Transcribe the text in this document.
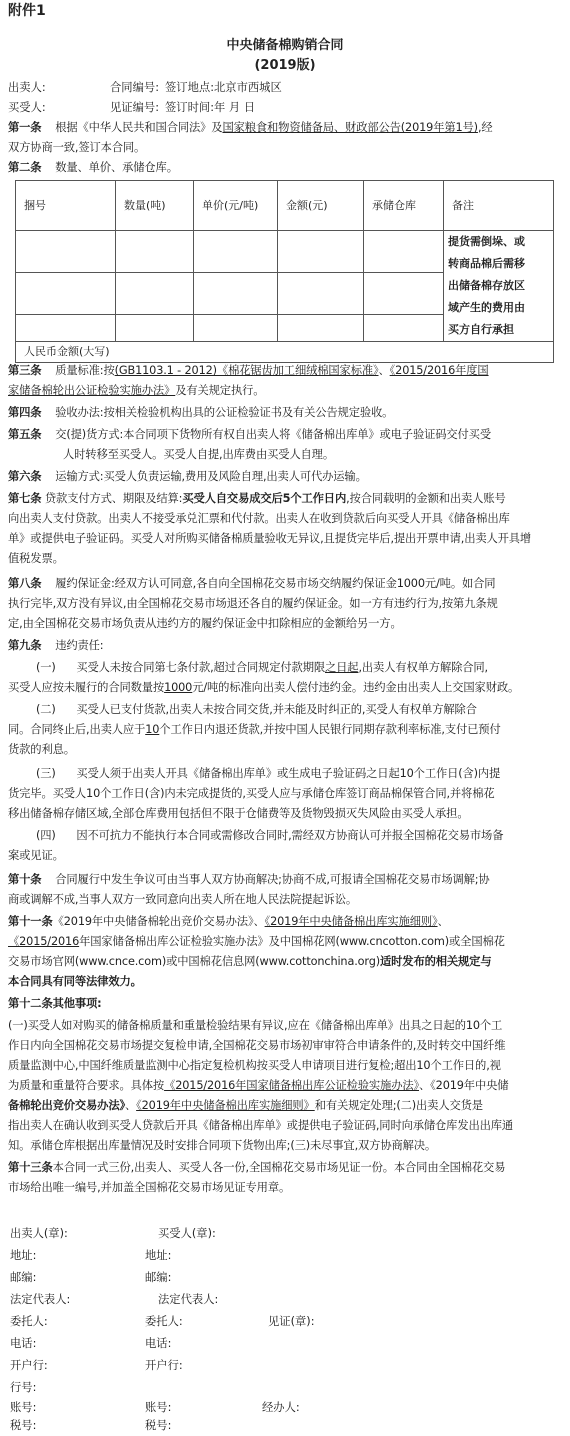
附件1
中央储备棉购销合同
(2019版)
出卖人:	合同编号: 签订地点:北京市西城区
买受人:	见证编号: 签订时间:年 月 日
第一条 根据《中华人民共和国合同法》及国家粮食和物资储备局、财政部公告(2019年第1号),经
双方协商一致,签订本合同。
第二条 数量、单价、承储仓库。
捆号	数量(吨)	单价(元/吨)	金额(元)	承储仓库	备注

					提货需倒垛、或
转商品棉后需移
出储备棉存放区
域产生的费用由
买方自行承担

人民币金额(大写)					
第三条 质量标准:按(GB1103.1 - 2012)《棉花锯齿加工细绒棉国家标准》、《2015/2016年度国
家储备棉轮出公证检验实施办法》及有关规定执行。
第四条 验收办法:按相关检验机构出具的公证检验证书及有关公告规定验收。
第五条 交(提)货方式:本合同项下货物所有权自出卖人将《储备棉出库单》或电子验证码交付买受
人时转移至买受人。买受人自提,出库费由买受人自理。
第六条 运输方式:买受人负责运输,费用及风险自理,出卖人可代办运输。
第七条 贷款支付方式、期限及结算:买受人自交易成交后5个工作日内,按合同载明的金额和出卖人账号
向出卖人支付贷款。出卖人不接受承兑汇票和代付款。出卖人在收到贷款后向买受人开具《储备棉出库
单》或提供电子验证码。买受人对所购买储备棉质量验收无异议,且提货完毕后,提出开票申请,出卖人开具增
值税发票。
第八条 履约保证金:经双方认可同意,各自向全国棉花交易市场交纳履约保证金1000元/吨。如合同
执行完毕,双方没有异议,由全国棉花交易市场退还各自的履约保证金。如一方有违约行为,按第九条规
定,由全国棉花交易市场负责从违约方的履约保证金中扣除相应的金额给另一方。
第九条 违约责任:
(一) 买受人未按合同第七条付款,超过合同规定付款期限之日起,出卖人有权单方解除合同,
买受人应按未履行的合同数量按1000元/吨的标准向出卖人偿付违约金。违约金由出卖人上交国家财政。
(二) 买受人已支付货款,出卖人未按合同交货,并未能及时纠正的,买受人有权单方解除合
同。合同终止后,出卖人应于10个工作日内退还货款,并按中国人民银行同期存款利率标准,支付已预付
货款的利息。
(三) 买受人须于出卖人开具《储备棉出库单》或生成电子验证码之日起10个工作日(含)内提
货完毕。买受人10个工作日(含)内未完成提货的,买受人应与承储仓库签订商品棉保管合同,并将棉花
移出储备棉存储区域,全部仓库费用包括但不限于仓储费等及货物毁损灭失风险由买受人承担。
(四) 因不可抗力不能执行本合同或需修改合同时,需经双方协商认可并报全国棉花交易市场备
案或见证。
第十条 合同履行中发生争议可由当事人双方协商解决;协商不成,可报请全国棉花交易市场调解;协
商或调解不成,当事人双方一致同意向出卖人所在地人民法院提起诉讼。
第十一条《2019年中央储备棉轮出竞价交易办法》、《2019年中央储备棉出库实施细则》、
《2015/2016年国家储备棉出库公证检验实施办法》及中国棉花网(www.cncotton.com)或全国棉花
交易市场官网(www.cnce.com)或中国棉花信息网(www.cottonchina.org)适时发布的相关规定与
本合同具有同等法律效力。
第十二条其他事项:
(一)买受人如对购买的储备棉质量和重量检验结果有异议,应在《储备棉出库单》出具之日起的10个工
作日内向全国棉花交易市场提交复检申请,全国棉花交易市场初审审符合申请条件的,及时转交中国纤维
质量监测中心,中国纤维质量监测中心指定复检机构按买受人申请项目进行复检;超出10个工作日的,视
为质量和重量符合要求。具体按《2015/2016年国家储备棉出库公证检验实施办法》、《2019年中央储
备棉轮出竞价交易办法》、《2019年中央储备棉出库实施细则》和有关规定处理;(二)出卖人交货是
指出卖人在确认收到买受人贷款后开具《储备棉出库单》或提供电子验证码,同时向承储仓库发出出库通
知。承储仓库根据出库量情况及时安排合同项下货物出库;(三)未尽事宜,双方协商解决。
第十三条本合同一式三份,出卖人、买受人各一份,全国棉花交易市场见证一份。本合同由全国棉花交易
市场给出唯一编号,并加盖全国棉花交易市场见证专用章。
出卖人(章):	买受人(章):
地址:	地址:
邮编:	邮编:
法定代表人:	法定代表人:
委托人:	委托人:	见证(章):
电话:	电话:
开户行:	开户行:
行号:
账号:	账号:	经办人:
税号:	税号:
